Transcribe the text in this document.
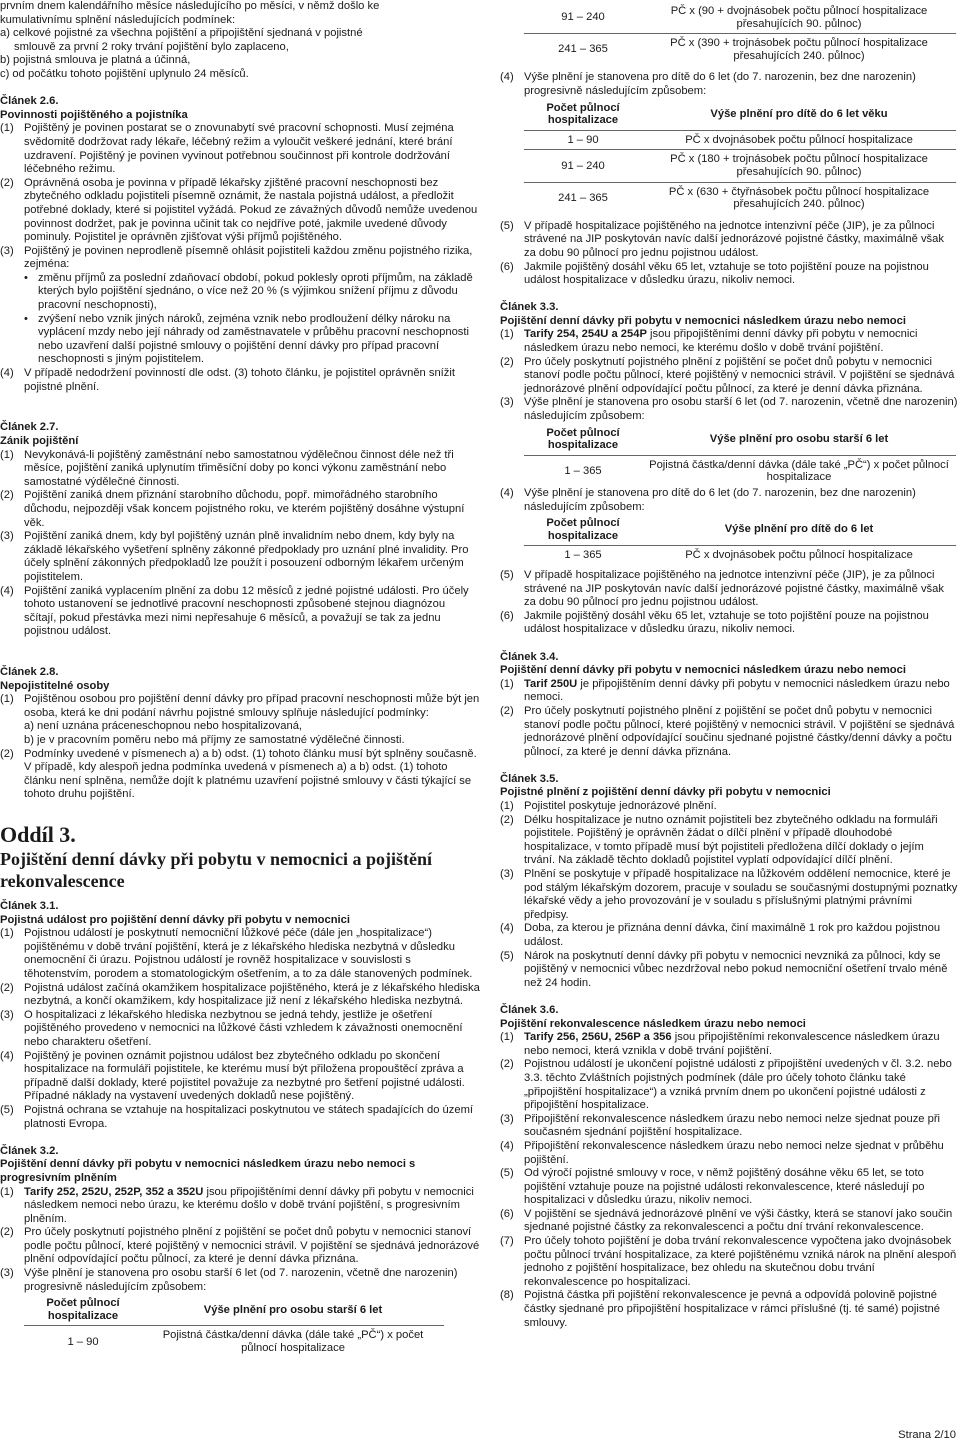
prvním dnem kalendářního měsíce následujícího po měsíci, v němž došlo ke

kumulativnímu splnění následujících podmínek:

a) celkové pojistné za všechna pojištění a připojištění sjednaná v pojistné

smlouvě za první 2 roky trvání pojištění bylo zaplaceno,

b) pojistná smlouva je platná a účinná,

c) od počátku tohoto pojištění uplynulo 24 měsíců.

Článek 2.6.

Povinnosti pojištěného a pojistníka

(1) Pojištěný je povinen postarat se o znovunabytí své pracovní schopnosti. Musí zejména svědomitě dodržovat rady lékaře, léčebný režim a vyloučit veškeré jednání, které brání uzdravení. Pojištěný je povinen vyvinout potřebnou součinnost při kontrole dodržování léčebného režimu.
(2) Oprávněná osoba je povinna v případě lékařsky zjištěné pracovní neschopnosti bez zbytečného odkladu pojistiteli písemně oznámit, že nastala pojistná událost, a předložit potřebné doklady, které si pojistitel vyžádá. Pokud ze závažných důvodů nemůže uvedenou povinnost dodržet, pak je povinna učinit tak co nejdříve poté, jakmile uvedené důvody pominuly. Pojistitel je oprávněn zjišťovat výši příjmů pojištěného.
(3) Pojištěný je povinen neprodleně písemně ohlásit pojistiteli každou změnu pojistného rizika, zejména:
• změnu příjmů za poslední zdaňovací období, pokud poklesly oproti příjmům, na základě kterých bylo pojištění sjednáno, o více než 20 % (s výjimkou snížení příjmu z důvodu pracovní neschopnosti),
• zvýšení nebo vznik jiných nároků, zejména vznik nebo prodloužení délky nároku na vyplácení mzdy nebo její náhrady od zaměstnavatele v průběhu pracovní neschopnosti nebo uzavření další pojistné smlouvy o pojištění denní dávky pro případ pracovní neschopnosti s jiným pojistitelem.
(4) V případě nedodržení povinností dle odst. (3) tohoto článku, je pojistitel oprávněn snížit pojistné plnění.

Článek 2.7.

Zánik pojištění

(1) Nevykonává-li pojištěný zaměstnání nebo samostatnou výdělečnou činnost déle než tři měsíce, pojištění zaniká uplynutím třiměsíční doby po konci výkonu zaměstnání nebo samostatné výdělečné činnosti.
(2) Pojištění zaniká dnem přiznání starobního důchodu, popř. mimořádného starobního důchodu, nejpozději však koncem pojistného roku, ve kterém pojištěný dosáhne výstupní věk.
(3) Pojištění zaniká dnem, kdy byl pojištěný uznán plně invalidním nebo dnem, kdy byly na základě lékařského vyšetření splněny zákonné předpoklady pro uznání plné invalidity. Pro účely splnění zákonných předpokladů lze použít i posouzení odborným lékařem určeným pojistitelem.
(4) Pojištění zaniká vyplacením plnění za dobu 12 měsíců z jedné pojistné události. Pro účely tohoto ustanovení se jednotlivé pracovní neschopnosti způsobené stejnou diagnózou sčítají, pokud přestávka mezi nimi nepřesahuje 6 měsíců, a považují se tak za jednu pojistnou událost.

Článek 2.8.

Nepojistitelné osoby

(1) Pojištěnou osobou pro pojištění denní dávky pro případ pracovní neschopnosti může být jen osoba, která ke dni podání návrhu pojistné smlouvy splňuje následující podmínky:
a) není uznána práceneschopnou nebo hospitalizovaná,
b) je v pracovním poměru nebo má příjmy ze samostatné výdělečné činnosti.
(2) Podmínky uvedené v písmenech a) a b) odst. (1) tohoto článku musí být splněny současně. V případě, kdy alespoň jedna podmínka uvedená v písmenech a) a b) odst. (1) tohoto článku není splněna, nemůže dojít k platnému uzavření pojistné smlouvy v části týkající se tohoto druhu pojištění.

Oddíl 3.

Pojištění denní dávky při pobytu v nemocnici a pojištění rekonvalescence

Článek 3.1.

Pojistná událost pro pojištění denní dávky při pobytu v nemocnici

(1) Pojistnou událostí je poskytnutí nemocniční lůžkové péče (dále jen „hospitalizace“) pojištěnému v době trvání pojištění, která je z lékařského hlediska nezbytná v důsledku onemocnění či úrazu. Pojistnou událostí je rovněž hospitalizace v souvislosti s těhotenstvím, porodem a stomatologickým ošetřením, a to za dále stanovených podmínek.
(2) Pojistná událost začíná okamžikem hospitalizace pojištěného, která je z lékařského hlediska nezbytná, a končí okamžikem, kdy hospitalizace již není z lékařského hlediska nezbytná.
(3) O hospitalizaci z lékařského hlediska nezbytnou se jedná tehdy, jestliže je ošetření pojištěného provedeno v nemocnici na lůžkové části vzhledem k závažnosti onemocnění nebo charakteru ošetření.
(4) Pojištěný je povinen oznámit pojistnou událost bez zbytečného odkladu po skončení hospitalizace na formuláři pojistitele, ke kterému musí být přiložena propouštěcí zpráva a případně další doklady, které pojistitel považuje za nezbytné pro šetření pojistné události. Případné náklady na vystavení uvedených dokladů nese pojištěný.
(5) Pojistná ochrana se vztahuje na hospitalizaci poskytnutou ve státech spadajících do území platnosti Evropa.

Článek 3.2.

Pojištění denní dávky při pobytu v nemocnici následkem úrazu nebo nemoci s progresivním plněním

(1) Tarify 252, 252U, 252P, 352 a 352U jsou připojištěními denní dávky při pobytu v nemocnici následkem nemoci nebo úrazu, ke kterému došlo v době trvání pojištění, s progresivním plněním.
(2) Pro účely poskytnutí pojistného plnění z pojištění se počet dnů pobytu v nemocnici stanoví podle počtu půlnocí, které pojištěný v nemocnici strávil. V pojištění se sjednává jednorázové plnění odpovídající počtu půlnocí, za které je denní dávka přiznána.
(3) Výše plnění je stanovena pro osobu starší 6 let (od 7. narozenin, včetně dne narozenin) progresivně následujícím způsobem:
Počet půlnocí hospitalizace	Výše plnění pro osobu starší 6 let
1 – 90	Pojistná částka/denní dávka (dále také „PČ“) x počet půlnocí hospitalizace
91 – 240	PČ x (90 + dvojnásobek počtu půlnocí hospitalizace přesahujících 90. půlnoc)
241 – 365	PČ x (390 + trojnásobek počtu půlnocí hospitalizace přesahujících 240. půlnoc)
(4) Výše plnění je stanovena pro dítě do 6 let (do 7. narozenin, bez dne narozenin) progresivně následujícím způsobem:
Počet půlnocí hospitalizace	Výše plnění pro dítě do 6 let věku
1 – 90	PČ x dvojnásobek počtu půlnocí hospitalizace
91 – 240	PČ x (180 + trojnásobek počtu půlnocí hospitalizace přesahujících 90. půlnoc)
241 – 365	PČ x (630 + čtyřnásobek počtu půlnocí hospitalizace přesahujících 240. půlnoc)
(5) V případě hospitalizace pojištěného na jednotce intenzivní péče (JIP), je za půlnoci strávené na JIP poskytován navíc další jednorázové pojistné částky, maximálně však za dobu 90 půlnocí pro jednu pojistnou událost.
(6) Jakmile pojištěný dosáhl věku 65 let, vztahuje se toto pojištění pouze na pojistnou událost hospitalizace v důsledku úrazu, nikoliv nemoci.

Článek 3.3.

Pojištění denní dávky při pobytu v nemocnici následkem úrazu nebo nemoci

(1) Tarify 254, 254U a 254P jsou připojištěními denní dávky při pobytu v nemocnici následkem úrazu nebo nemoci, ke kterému došlo v době trvání pojištění.
(2) Pro účely poskytnutí pojistného plnění z pojištění se počet dnů pobytu v nemocnici stanoví podle počtu půlnocí, které pojištěný v nemocnici strávil. V pojištění se sjednává jednorázové plnění odpovídající počtu půlnocí, za které je denní dávka přiznána.
(3) Výše plnění je stanovena pro osobu starší 6 let (od 7. narozenin, včetně dne narozenin) následujícím způsobem:
Počet půlnocí hospitalizace	Výše plnění pro osobu starší 6 let
1 – 365	Pojistná částka/denní dávka (dále také „PČ“) x počet půlnocí hospitalizace
(4) Výše plnění je stanovena pro dítě do 6 let (do 7. narozenin, bez dne narozenin) následujícím způsobem:
Počet půlnocí hospitalizace	Výše plnění pro dítě do 6 let
1 – 365	PČ x dvojnásobek počtu půlnocí hospitalizace
(5) V případě hospitalizace pojištěného na jednotce intenzivní péče (JIP), je za půlnoci strávené na JIP poskytován navíc další jednorázové pojistné částky, maximálně však za dobu 90 půlnocí pro jednu pojistnou událost.
(6) Jakmile pojištěný dosáhl věku 65 let, vztahuje se toto pojištění pouze na pojistnou událost hospitalizace v důsledku úrazu, nikoliv nemoci.

Článek 3.4.

Pojištění denní dávky při pobytu v nemocnici následkem úrazu nebo nemoci

(1) Tarif 250U je připojištěním denní dávky při pobytu v nemocnici následkem úrazu nebo nemoci.
(2) Pro účely poskytnutí pojistného plnění z pojištění se počet dnů pobytu v nemocnici stanoví podle počtu půlnocí, které pojištěný v nemocnici strávil. V pojištění se sjednává jednorázové plnění odpovídající součinu sjednané pojistné částky/denní dávky a počtu půlnocí, za které je denní dávka přiznána.

Článek 3.5.

Pojistné plnění z pojištění denní dávky při pobytu v nemocnici

(1) Pojistitel poskytuje jednorázové plnění.
(2) Délku hospitalizace je nutno oznámit pojistiteli bez zbytečného odkladu na formuláři pojistitele. Pojištěný je oprávněn žádat o dílčí plnění v případě dlouhodobé hospitalizace, v tomto případě musí být pojistiteli předložena dílčí doklady o jejím trvání. Na základě těchto dokladů pojistitel vyplatí odpovídající dílčí plnění.
(3) Plnění se poskytuje v případě hospitalizace na lůžkovém oddělení nemocnice, které je pod stálým lékařským dozorem, pracuje v souladu se současnými dostupnými poznatky lékařské vědy a jeho provozování je v souladu s příslušnými platnými právními předpisy.
(4) Doba, za kterou je přiznána denní dávka, činí maximálně 1 rok pro každou pojistnou událost.
(5) Nárok na poskytnutí denní dávky při pobytu v nemocnici nevzniká za půlnoci, kdy se pojištěný v nemocnici vůbec nezdržoval nebo pokud nemocniční ošetření trvalo méně než 24 hodin.

Článek 3.6.

Pojištění rekonvalescence následkem úrazu nebo nemoci

(1) Tarify 256, 256U, 256P a 356 jsou připojištěními rekonvalescence následkem úrazu nebo nemoci, která vznikla v době trvání pojištění.
(2) Pojistnou událostí je ukončení pojistné události z připojištění uvedených v čl. 3.2. nebo 3.3. těchto Zvláštních pojistných podmínek (dále pro účely tohoto článku také „připojištění hospitalizace“) a vzniká prvním dnem po ukončení pojistné události z připojištění hospitalizace.
(3) Připojištění rekonvalescence následkem úrazu nebo nemoci nelze sjednat pouze při současném sjednání pojištění hospitalizace.
(4) Připojištění rekonvalescence následkem úrazu nebo nemoci nelze sjednat v průběhu pojištění.
(5) Od výročí pojistné smlouvy v roce, v němž pojištěný dosáhne věku 65 let, se toto pojištění vztahuje pouze na pojistné události rekonvalescence, které následují po hospitalizaci v důsledku úrazu, nikoliv nemoci.
(6) V pojištění se sjednává jednorázové plnění ve výši částky, která se stanoví jako součin sjednané pojistné částky za rekonvalescenci a počtu dní trvání rekonvalescence.
(7) Pro účely tohoto pojištění je doba trvání rekonvalescence vypočtena jako dvojnásobek počtu půlnocí trvání hospitalizace, za které pojištěnému vzniká nárok na plnění alespoň jednoho z pojištění hospitalizace, bez ohledu na skutečnou dobu trvání rekonvalescence po hospitalizaci.
(8) Pojistná částka při pojištění rekonvalescence je pevná a odpovídá polovině pojistné částky sjednané pro připojištění hospitalizace v rámci příslušné (tj. té samé) pojistné smlouvy.
Strana 2/10
